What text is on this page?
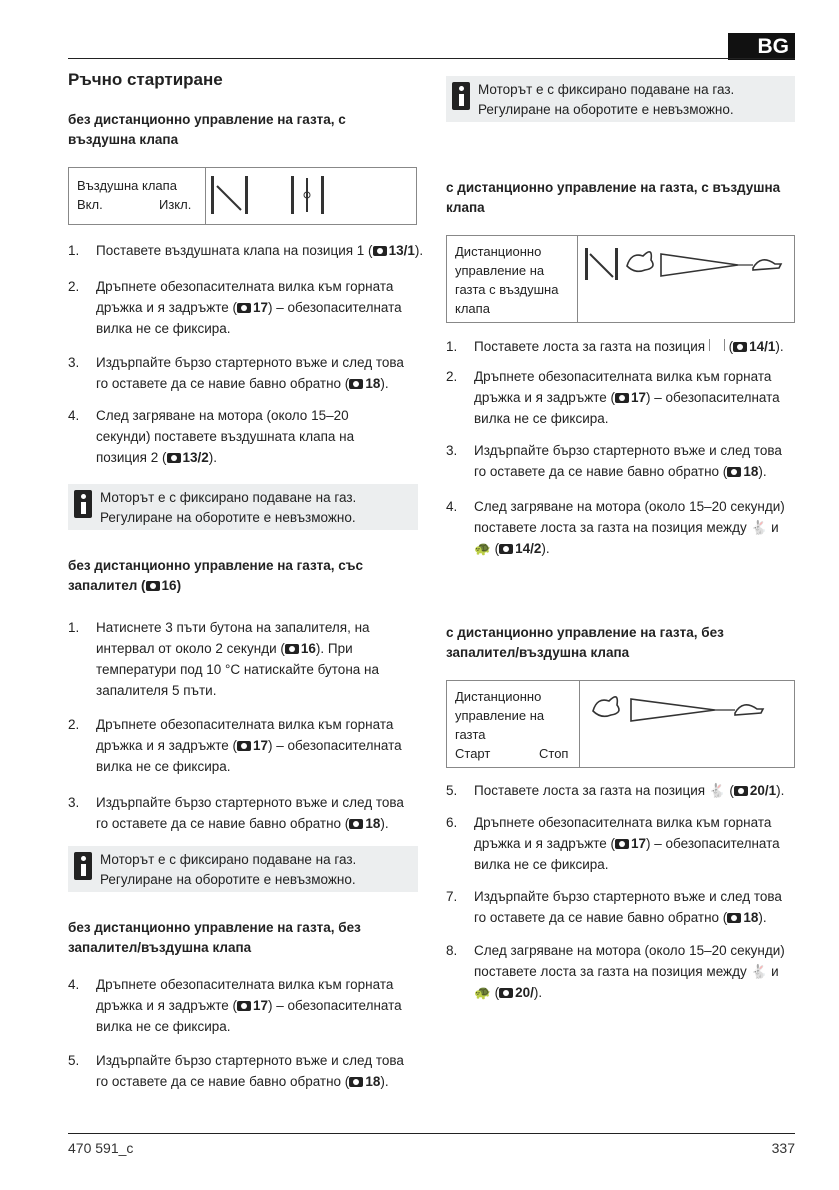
BG
470 591_c	337
Ръчно стартиране
без дистанционно управление на газта, с въздушна клапа
Въздушна клапа
Вкл.	Изкл.
1. Поставете въздушната клапа на позиция 1 ( 13/1).
2. Дръпнете обезопасителната вилка към горната
дръжка и я задръжте ( 17) – обезопасителната
вилка не се фиксира.
3. Издърпайте бързо стартерното въже и след това
го оставете да се навие бавно обратно ( 18).
4. След загряване на мотора (около 15–20
секунди) поставете въздушната клапа на
позиция 2 ( 13/2).
Моторът е с фиксирано подаване на газ.
Регулиране на оборотите е невъзможно.
без дистанционно управление на газта, със
запалител ( 16)
1. Натиснете 3 пъти бутона на запалителя, на
интервал от около 2 секунди ( 16). При
температури под 10 °C натискайте бутона на
запалителя 5 пъти.
2. Дръпнете обезопасителната вилка към горната
дръжка и я задръжте ( 17) – обезопасителната
вилка не се фиксира.
3. Издърпайте бързо стартерното въже и след това
го оставете да се навие бавно обратно ( 18).
Моторът е с фиксирано подаване на газ.
Регулиране на оборотите е невъзможно.
без дистанционно управление на газта, без
запалител/въздушна клапа
4. Дръпнете обезопасителната вилка към горната
дръжка и я задръжте ( 17) – обезопасителната
вилка не се фиксира.
5. Издърпайте бързо стартерното въже и след това
го оставете да се навие бавно обратно ( 18).
Моторът е с фиксирано подаване на газ.
Регулиране на оборотите е невъзможно.
с дистанционно управление на газта, с въздушна
клапа
Дистанционно
управление на
газта с въздушна
клапа
1. Поставете лоста за газта на позиция  ( 14/1).
2. Дръпнете обезопасителната вилка към горната
дръжка и я задръжте ( 17) – обезопасителната
вилка не се фиксира.
3. Издърпайте бързо стартерното въже и след това
го оставете да се навие бавно обратно ( 18).
4. След загряване на мотора (около 15–20 секунди)
поставете лоста за газта на позиция между 🐇 и
🐢 ( 14/2).
с дистанционно управление на газта, без
запалител/въздушна клапа
Дистанционно
управление на
газта
Старт	Стоп
5. Поставете лоста за газта на позиция 🐇 ( 20/1).
6. Дръпнете обезопасителната вилка към горната
дръжка и я задръжте ( 17) – обезопасителната
вилка не се фиксира.
7. Издърпайте бързо стартерното въже и след това
го оставете да се навие бавно обратно ( 18).
8. След загряване на мотора (около 15–20 секунди)
поставете лоста за газта на позиция между 🐇 и
🐢 ( 20/).
